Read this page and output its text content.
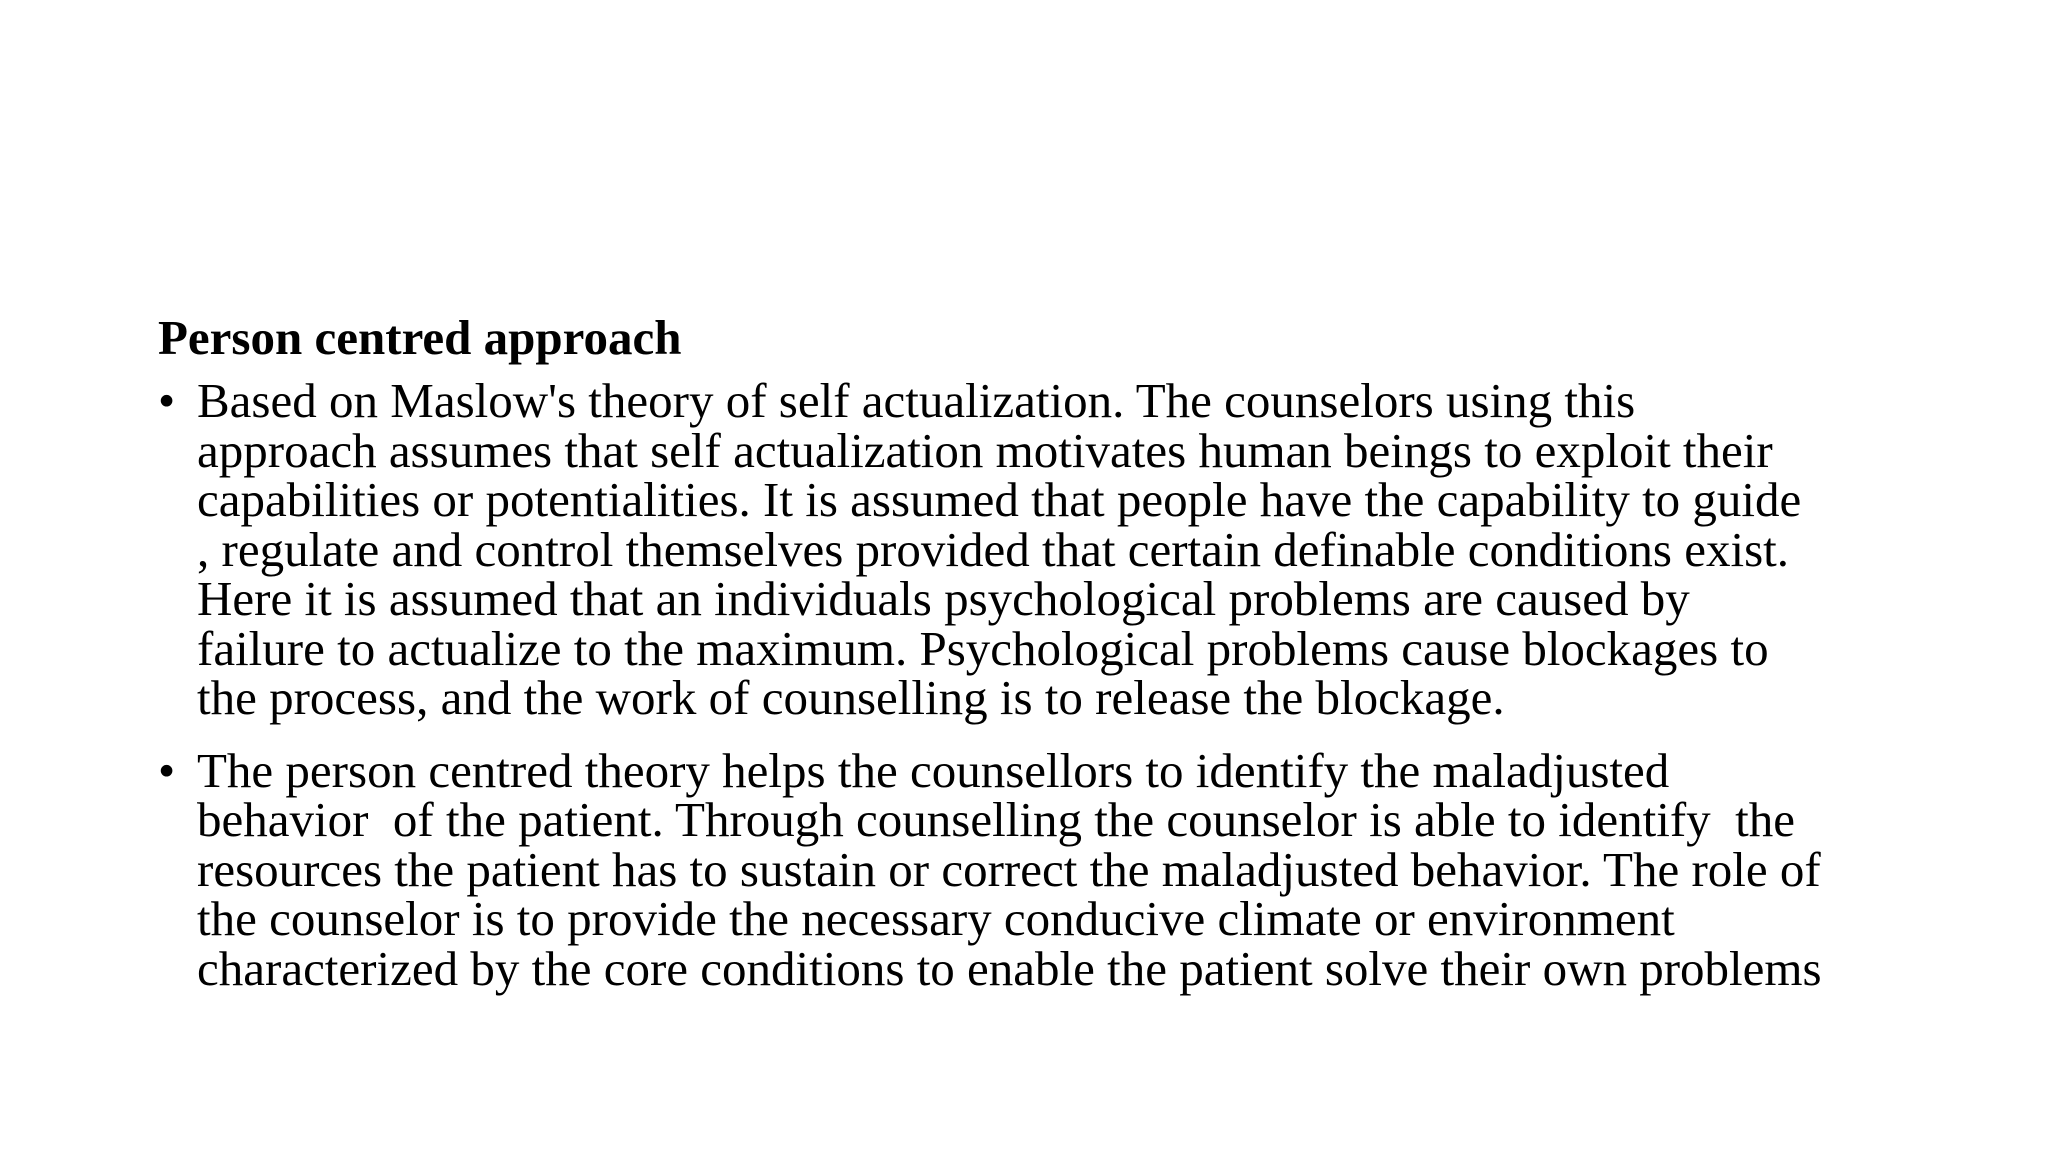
Person centred approach
• Based on Maslow's theory of self actualization. The counselors using this
approach assumes that self actualization motivates human beings to exploit their
capabilities or potentialities. It is assumed that people have the capability to guide
, regulate and control themselves provided that certain definable conditions exist.
Here it is assumed that an individuals psychological problems are caused by
failure to actualize to the maximum. Psychological problems cause blockages to
the process, and the work of counselling is to release the blockage.
• The person centred theory helps the counsellors to identify the maladjusted
behavior  of the patient. Through counselling the counselor is able to identify  the
resources the patient has to sustain or correct the maladjusted behavior. The role of
the counselor is to provide the necessary conducive climate or environment
characterized by the core conditions to enable the patient solve their own problems
